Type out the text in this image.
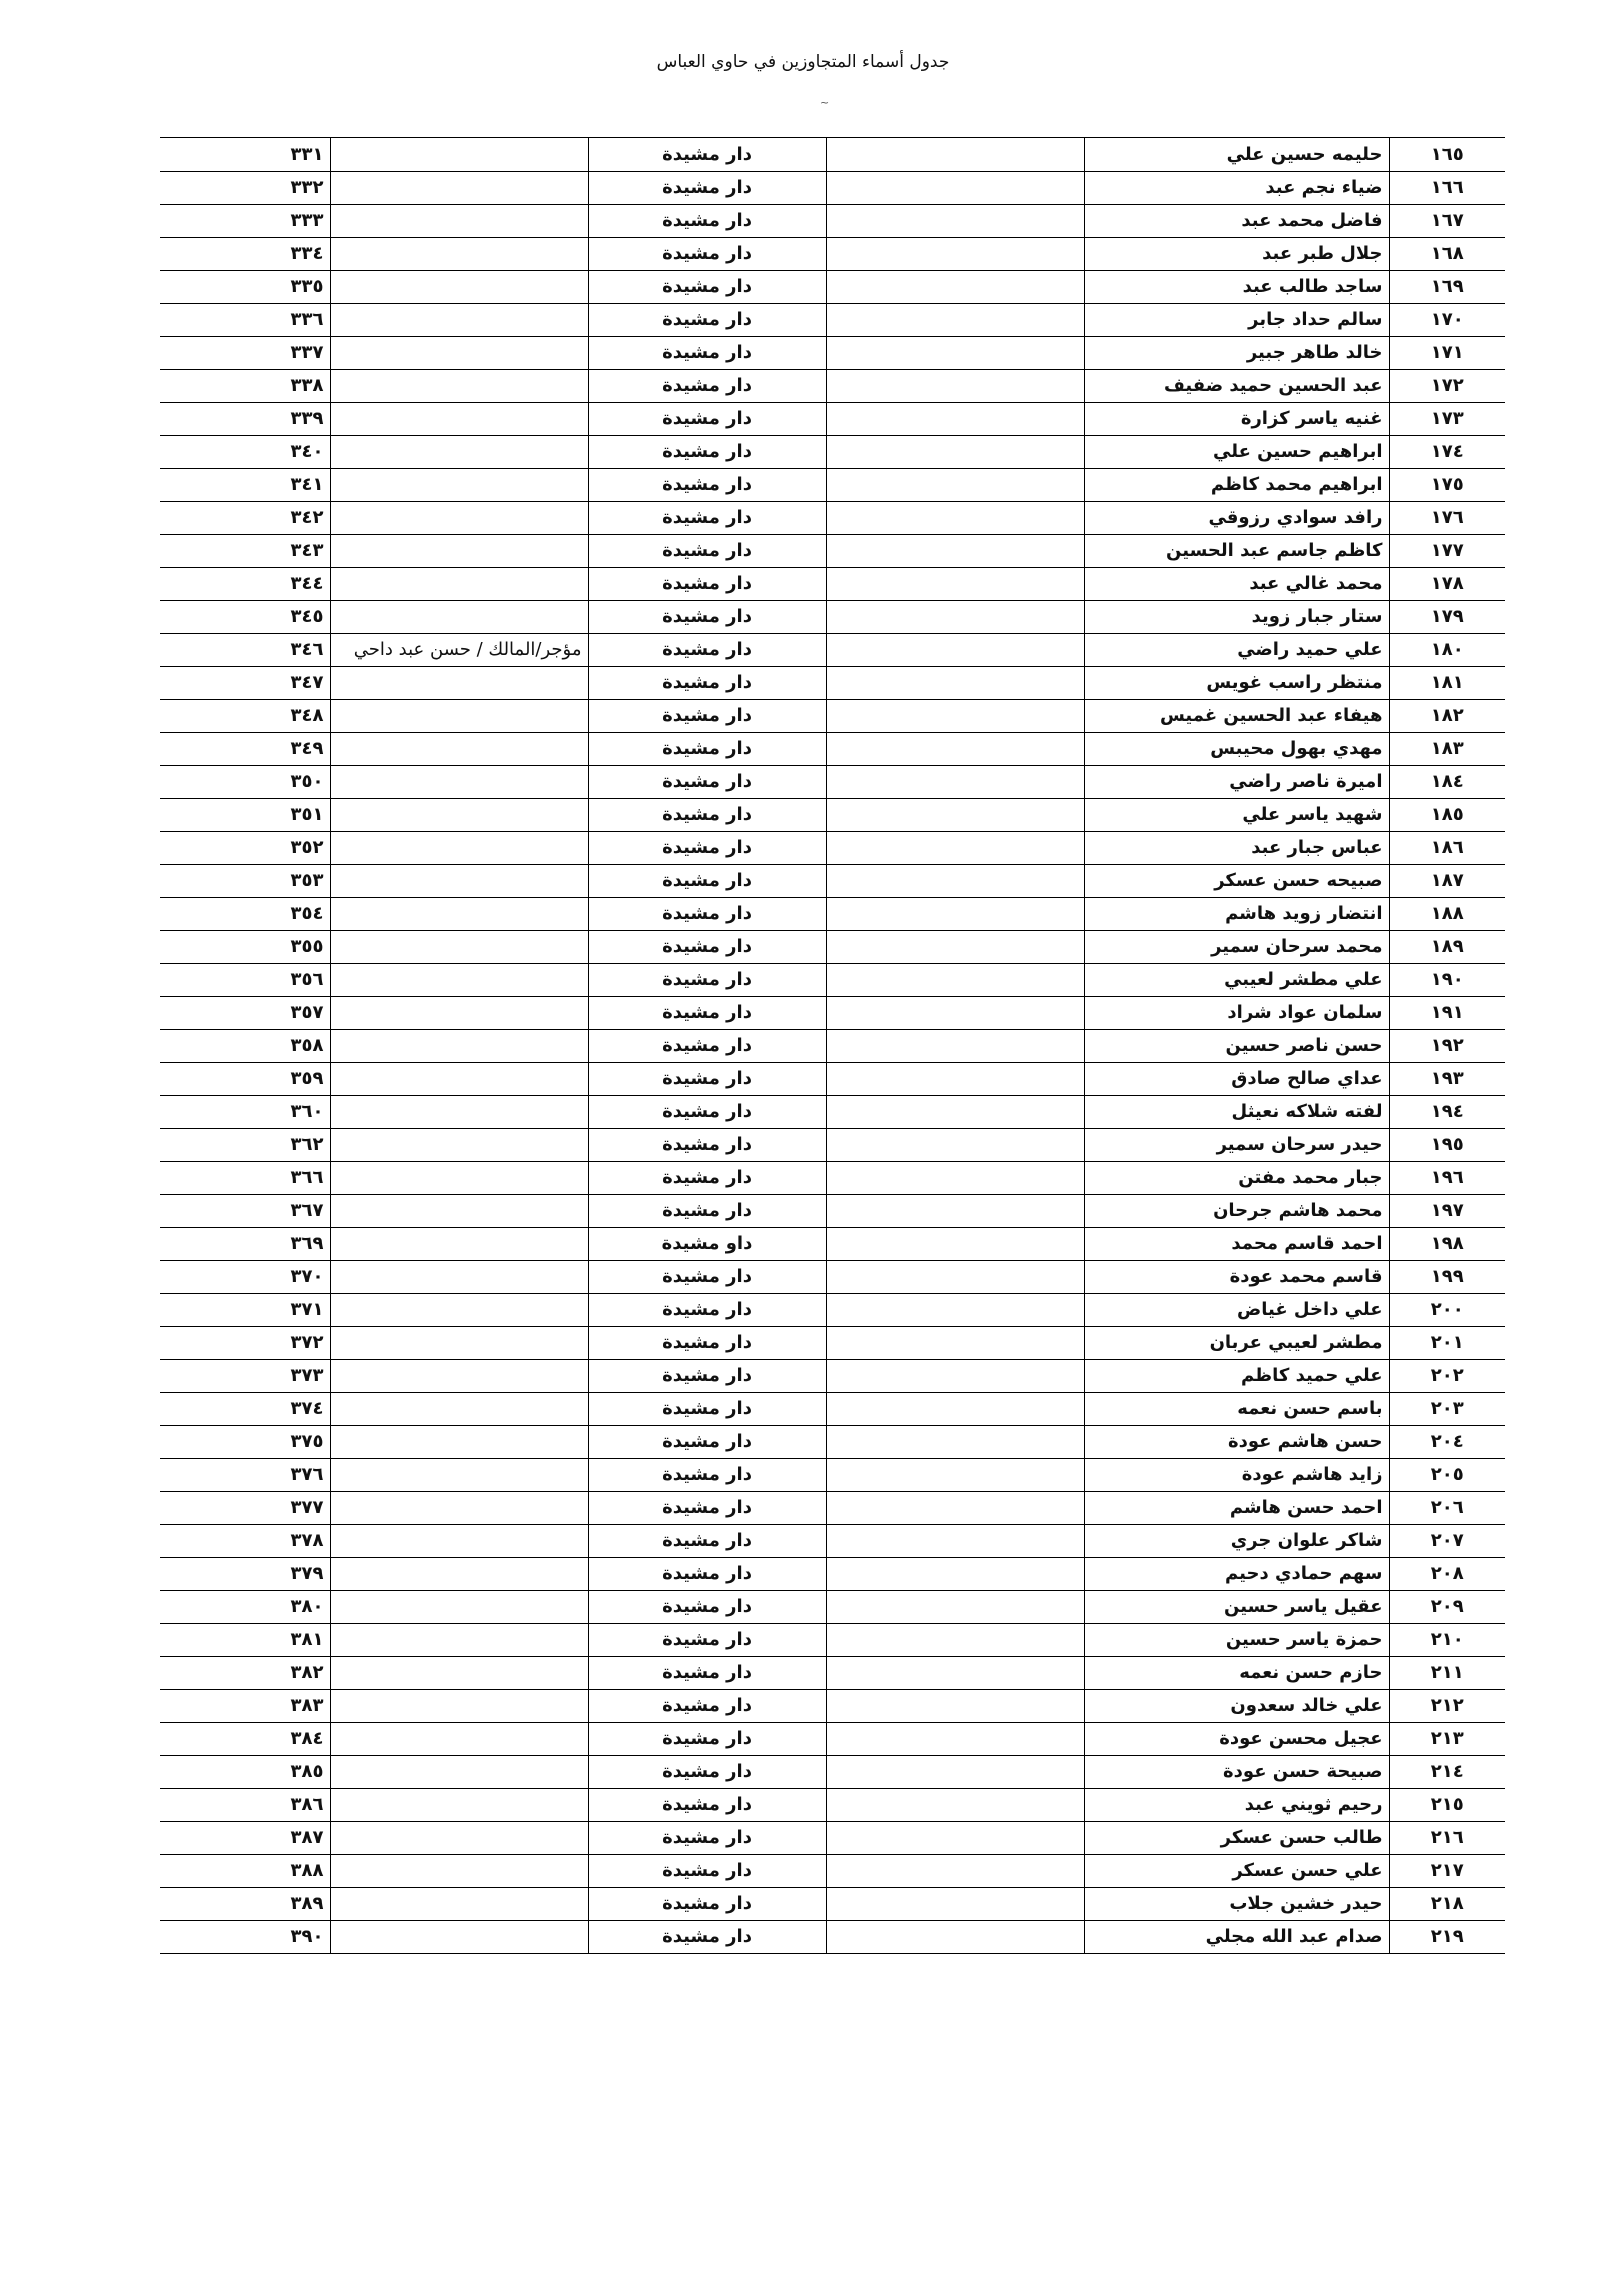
جدول أسماء المتجاوزين في حاوي العباس
~
٣٣١		دار مشيدة		حليمه حسين علي	١٦٥
٣٣٢		دار مشيدة		ضياء نجم عبد	١٦٦
٣٣٣		دار مشيدة		فاضل محمد عبد	١٦٧
٣٣٤		دار مشيدة		جلال طبر عبد	١٦٨
٣٣٥		دار مشيدة		ساجد طالب عبد	١٦٩
٣٣٦		دار مشيدة		سالم حداد جابر	١٧٠
٣٣٧		دار مشيدة		خالد طاهر جبير	١٧١
٣٣٨		دار مشيدة		عبد الحسين حميد ضفيف	١٧٢
٣٣٩		دار مشيدة		غنيه ياسر كزارة	١٧٣
٣٤٠		دار مشيدة		ابراهيم حسين علي	١٧٤
٣٤١		دار مشيدة		ابراهيم محمد كاظم	١٧٥
٣٤٢		دار مشيدة		رافد سوادي رزوقي	١٧٦
٣٤٣		دار مشيدة		كاظم جاسم عبد الحسين	١٧٧
٣٤٤		دار مشيدة		محمد غالي عبد	١٧٨
٣٤٥		دار مشيدة		ستار جبار زويد	١٧٩
٣٤٦	مؤجر/المالك / حسن عبد داحي	دار مشيدة		علي حميد راضي	١٨٠
٣٤٧		دار مشيدة		منتظر راسب غويس	١٨١
٣٤٨		دار مشيدة		هيفاء عبد الحسين غميس	١٨٢
٣٤٩		دار مشيدة		مهدي بهول محيبس	١٨٣
٣٥٠		دار مشيدة		اميرة ناصر راضي	١٨٤
٣٥١		دار مشيدة		شهيد ياسر علي	١٨٥
٣٥٢		دار مشيدة		عباس جبار عبد	١٨٦
٣٥٣		دار مشيدة		صبيحه حسن عسكر	١٨٧
٣٥٤		دار مشيدة		انتضار زويد هاشم	١٨٨
٣٥٥		دار مشيدة		محمد سرحان سمير	١٨٩
٣٥٦		دار مشيدة		علي مطشر لعيبي	١٩٠
٣٥٧		دار مشيدة		سلمان عواد شراد	١٩١
٣٥٨		دار مشيدة		حسن ناصر حسين	١٩٢
٣٥٩		دار مشيدة		عداي صالح صادق	١٩٣
٣٦٠		دار مشيدة		لفته شلاكه نعيثل	١٩٤
٣٦٢		دار مشيدة		حيدر سرحان سمير	١٩٥
٣٦٦		دار مشيدة		جبار محمد مفتن	١٩٦
٣٦٧		دار مشيدة		محمد هاشم جرحان	١٩٧
٣٦٩		داو مشيدة		احمد قاسم محمد	١٩٨
٣٧٠		دار مشيدة		قاسم محمد عودة	١٩٩
٣٧١		دار مشيدة		علي داخل غياض	٢٠٠
٣٧٢		دار مشيدة		مطشر لعيبي عربان	٢٠١
٣٧٣		دار مشيدة		علي حميد كاظم	٢٠٢
٣٧٤		دار مشيدة		باسم حسن نعمه	٢٠٣
٣٧٥		دار مشيدة		حسن هاشم عودة	٢٠٤
٣٧٦		دار مشيدة		زايد هاشم عودة	٢٠٥
٣٧٧		دار مشيدة		احمد حسن هاشم	٢٠٦
٣٧٨		دار مشيدة		شاكر علوان جري	٢٠٧
٣٧٩		دار مشيدة		سهم حمادي دحيم	٢٠٨
٣٨٠		دار مشيدة		عقيل ياسر حسين	٢٠٩
٣٨١		دار مشيدة		حمزة ياسر حسين	٢١٠
٣٨٢		دار مشيدة		حازم حسن نعمه	٢١١
٣٨٣		دار مشيدة		علي خالد سعدون	٢١٢
٣٨٤		دار مشيدة		عجيل محسن عودة	٢١٣
٣٨٥		دار مشيدة		صبيحة حسن عودة	٢١٤
٣٨٦		دار مشيدة		رحيم ثويني عبد	٢١٥
٣٨٧		دار مشيدة		طالب حسن عسكر	٢١٦
٣٨٨		دار مشيدة		علي حسن عسكر	٢١٧
٣٨٩		دار مشيدة		حيدر خشين جلاب	٢١٨
٣٩٠		دار مشيدة		صدام عبد الله مجلي	٢١٩
